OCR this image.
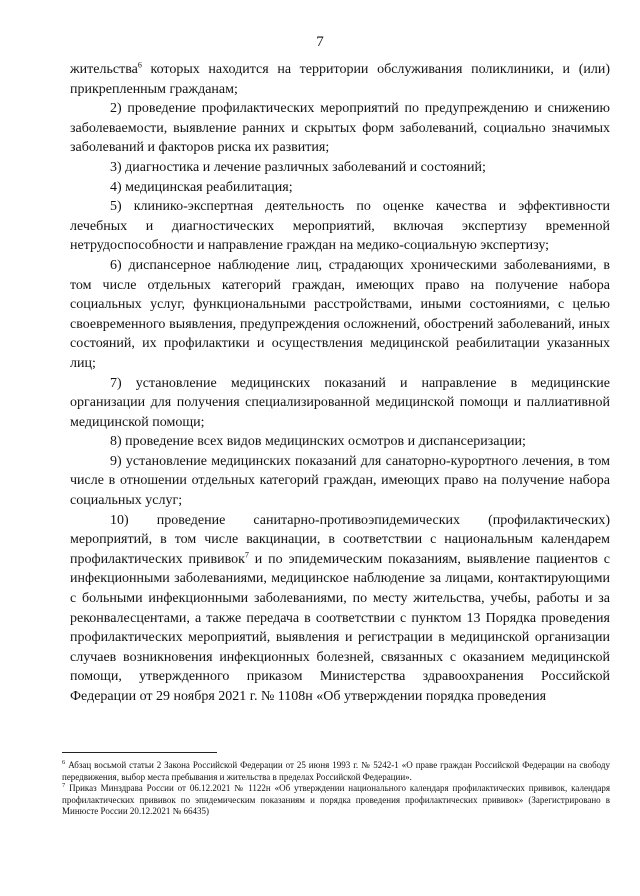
7

жительства$^6$ которых находится на территории обслуживания поликлиники, и (или) прикрепленным гражданам;

2) проведение профилактических мероприятий по предупреждению и снижению заболеваемости, выявление ранних и скрытых форм заболеваний, социально значимых заболеваний и факторов риска их развития;

3) диагностика и лечение различных заболеваний и состояний;

4) медицинская реабилитация;

5) клинико-экспертная деятельность по оценке качества и эффективности лечебных и диагностических мероприятий, включая экспертизу временной нетрудоспособности и направление граждан на медико-социальную экспертизу;

6) диспансерное наблюдение лиц, страдающих хроническими заболеваниями, в том числе отдельных категорий граждан, имеющих право на получение набора социальных услуг, функциональными расстройствами, иными состояниями, с целью своевременного выявления, предупреждения осложнений, обострений заболеваний, иных состояний, их профилактики и осуществления медицинской реабилитации указанных лиц;

7) установление медицинских показаний и направление в медицинские организации для получения специализированной медицинской помощи и паллиативной медицинской помощи;

8) проведение всех видов медицинских осмотров и диспансеризации;

9) установление медицинских показаний для санаторно-курортного лечения, в том числе в отношении отдельных категорий граждан, имеющих право на получение набора социальных услуг;

10) проведение санитарно-противоэпидемических (профилактических) мероприятий, в том числе вакцинации, в соответствии с национальным календарем профилактических прививок$^7$ и по эпидемическим показаниям, выявление пациентов с инфекционными заболеваниями, медицинское наблюдение за лицами, контактирующими с больными инфекционными заболеваниями, по месту жительства, учебы, работы и за реконвалесцентами, а также передача в соответствии с пунктом 13 Порядка проведения профилактических мероприятий, выявления и регистрации в медицинской организации случаев возникновения инфекционных болезней, связанных с оказанием медицинской помощи, утвержденного приказом Министерства здравоохранения Российской Федерации от 29 ноября 2021 г. № 1108н «Об утверждении порядка проведения

$^6$ Абзац восьмой статьи 2 Закона Российской Федерации от 25 июня 1993 г. № 5242-1 «О праве граждан Российской Федерации на свободу передвижения, выбор места пребывания и жительства в пределах Российской Федерации».

$^7$ Приказ Минздрава России от 06.12.2021 № 1122н «Об утверждении национального календаря профилактических прививок, календаря профилактических прививок по эпидемическим показаниям и порядка проведения профилактических прививок» (Зарегистрировано в Минюсте России 20.12.2021 № 66435)
